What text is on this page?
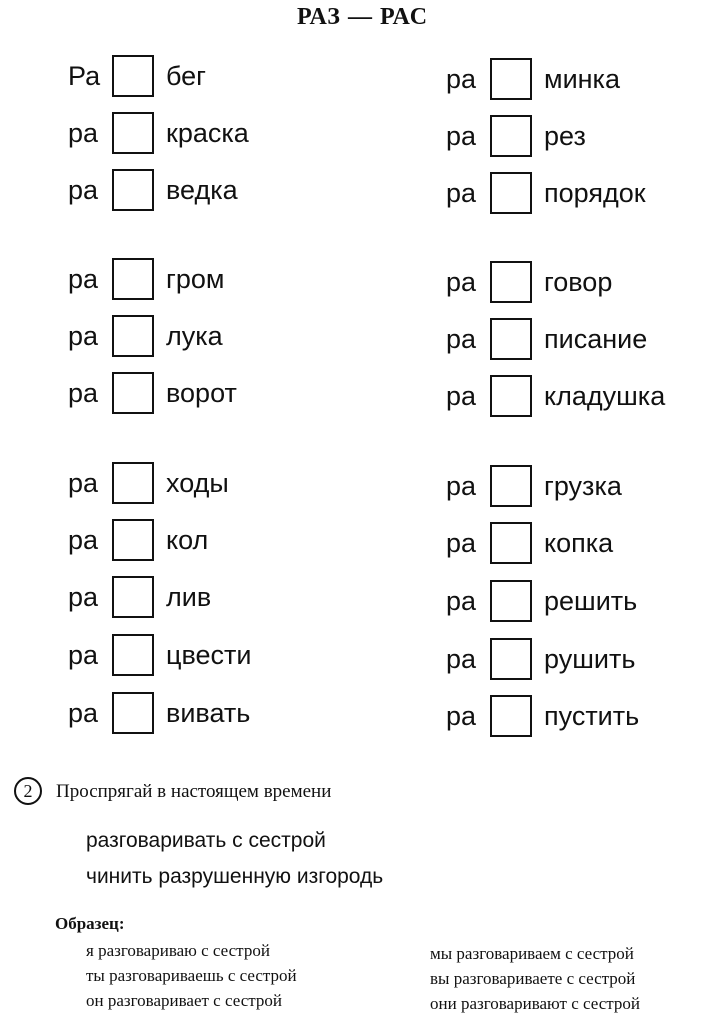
РАЗ — РАС
Ра бег
ра	краска
ра	ведка
ра	гром
ра	лука
ра	ворот
ра	ходы
ра	кол
ра	лив
ра	цвести
ра	вивать
ра	минка
ра	рез
ра	порядок
ра	говор
ра	писание
ра	кладушка
ра	грузка
ра	копка
ра	решить
ра	рушить
ра	пустить
2	Проспрягай в настоящем времени
разговаривать с сестрой
чинить разрушенную изгородь
Образец:
я разговариваю с сестрой
ты разговариваешь с сестрой
он разговаривает с сестрой
мы разговариваем с сестрой
вы разговариваете с сестрой
они разговаривают с сестрой
